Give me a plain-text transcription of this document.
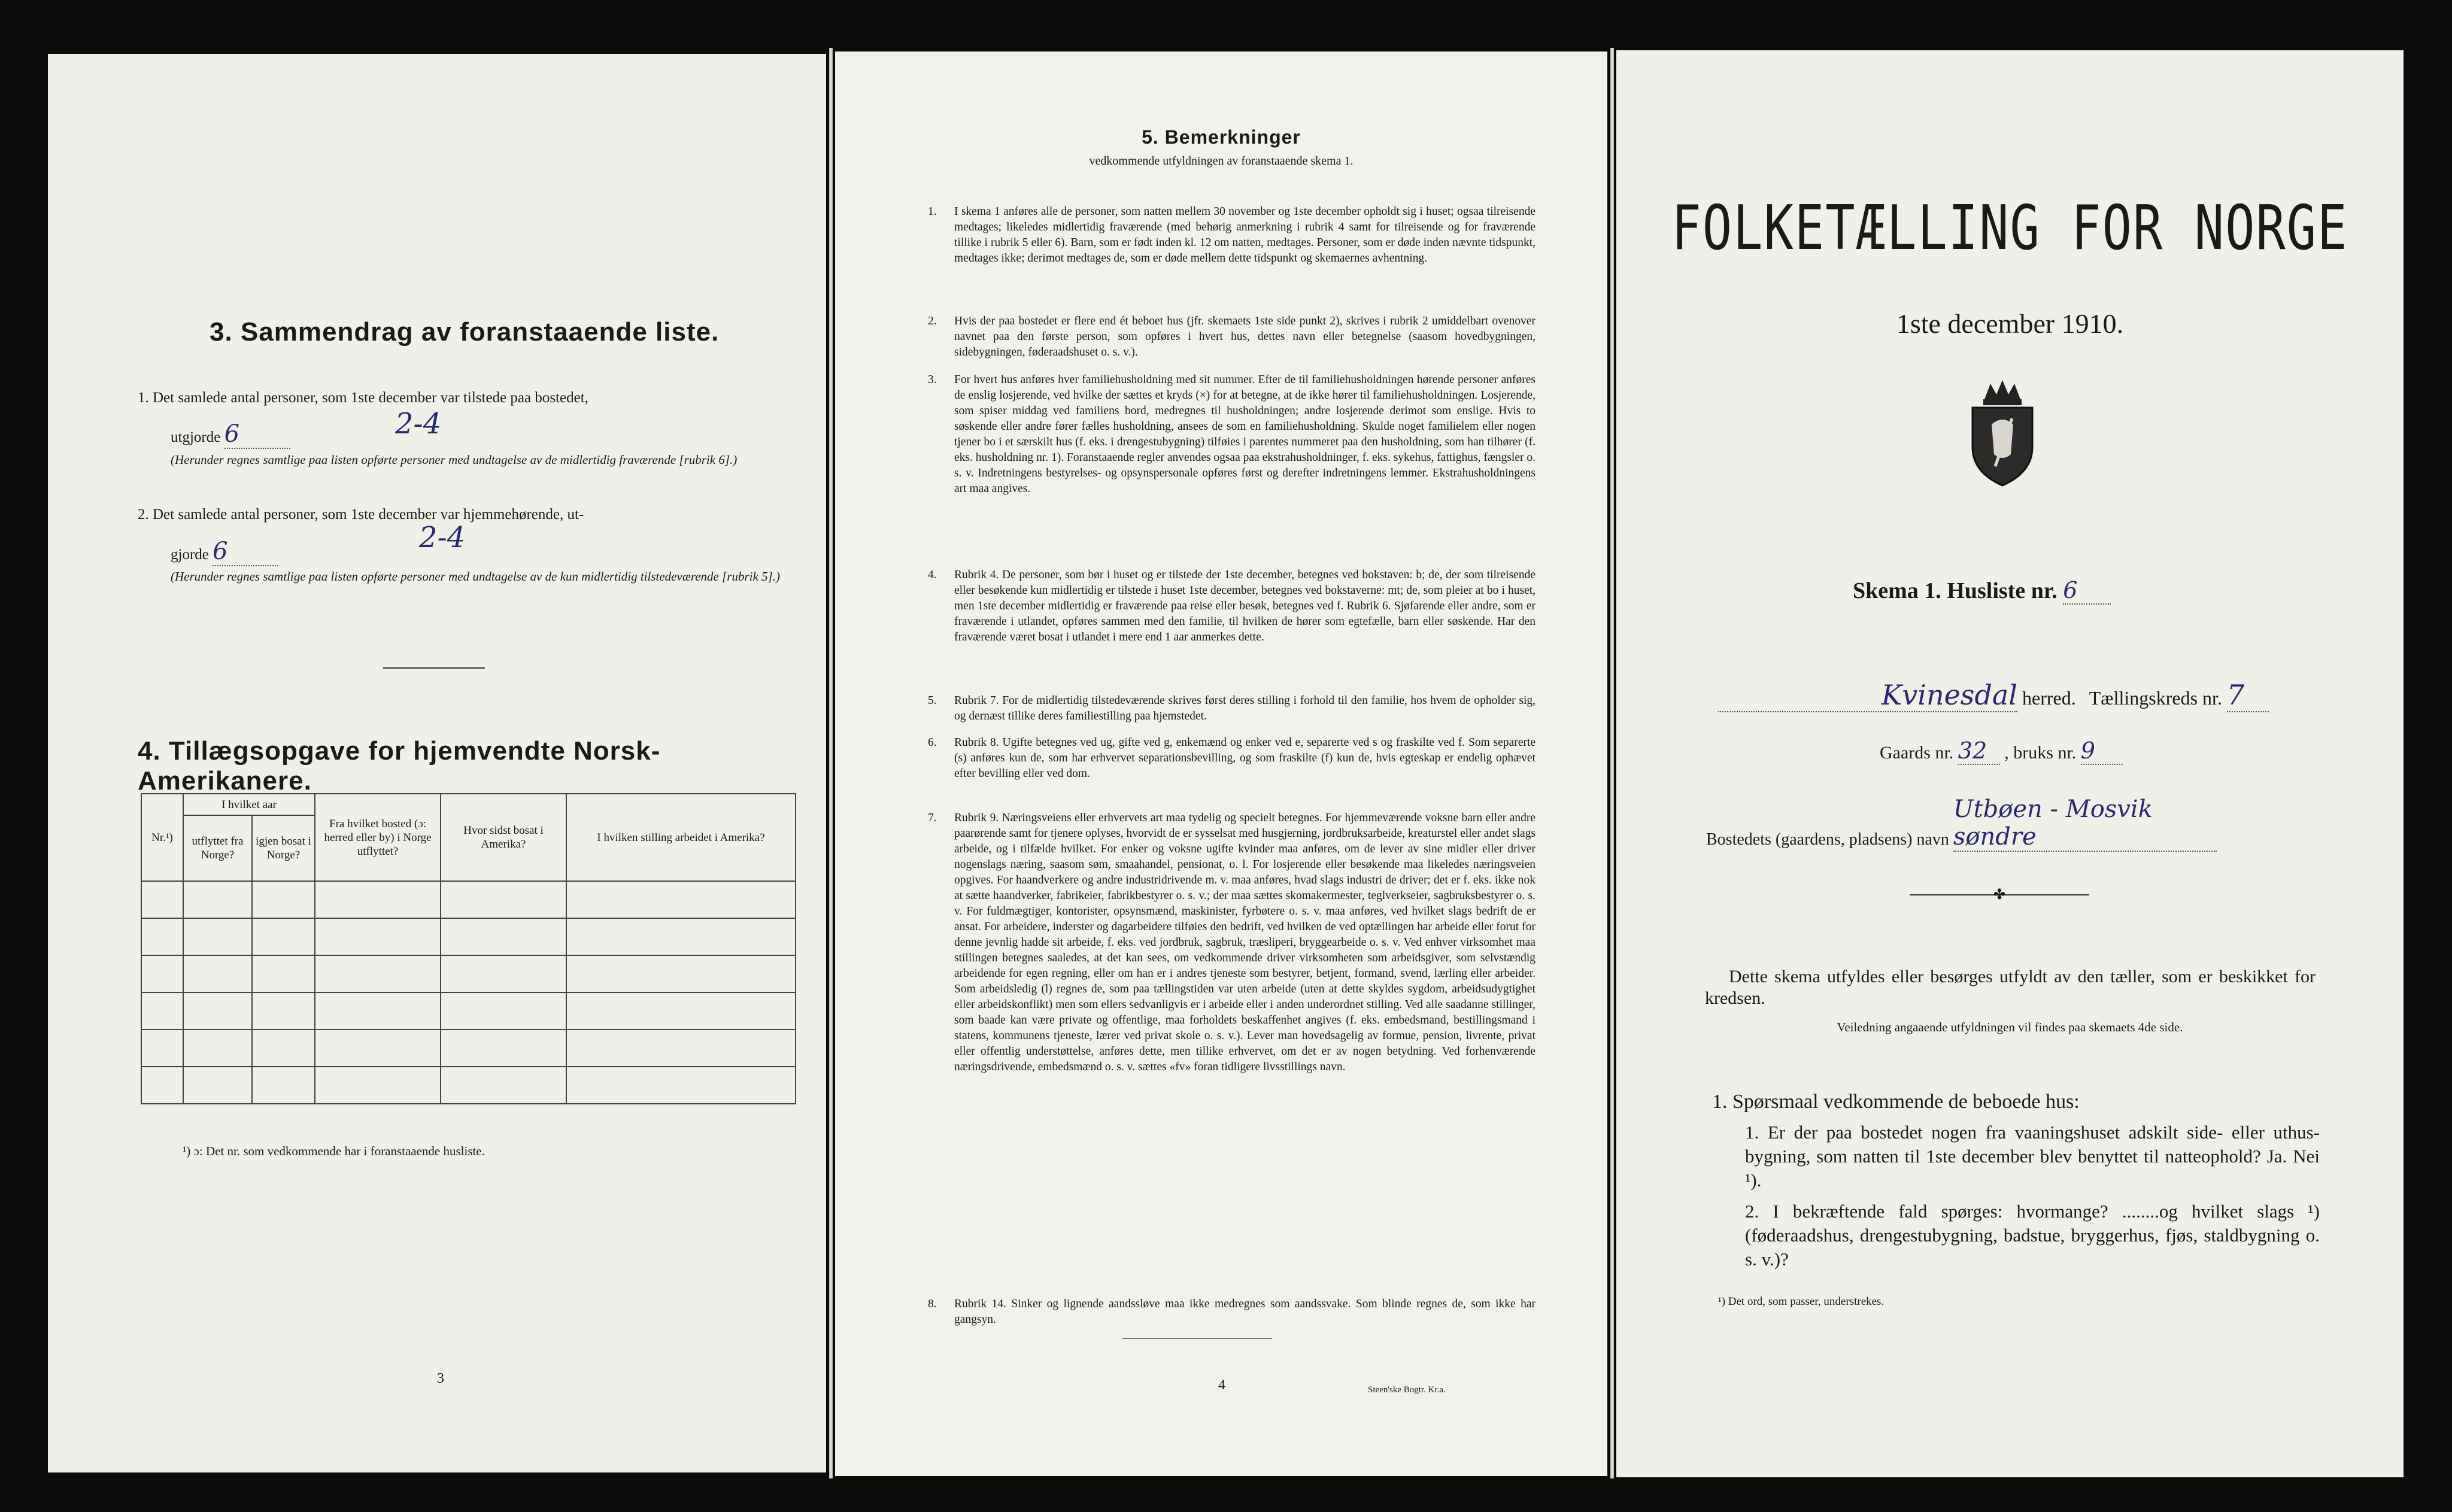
3. Sammendrag av foranstaaende liste.
1. Det samlede antal personer, som 1ste december var tilstede paa bostedet,
utgjorde 6	2-4
(Herunder regnes samtlige paa listen opførte personer med undtagelse av de midlertidig fraværende [rubrik 6].)
2. Det samlede antal personer, som 1ste december var hjemmehørende, ut-
gjorde 6	2-4
(Herunder regnes samtlige paa listen opførte personer med undtagelse av de kun midlertidig tilstedeværende [rubrik 5].)
4. Tillægsopgave for hjemvendte Norsk-Amerikanere.
Nr.¹)	I hvilket aar		Fra hvilket bosted (ɔ: herred eller by) i Norge utflyttet?	Hvor sidst bosat i Amerika?	I hvilken stilling arbeidet i Amerika?
	utflyttet fra Norge?	igjen bosat i Norge?			

¹) ɔ: Det nr. som vedkommende har i foranstaaende husliste.
3
5. Bemerkninger
vedkommende utfyldningen av foranstaaende skema 1.
1. I skema 1 anføres alle de personer, som natten mellem 30 november og 1ste december opholdt sig i huset; ogsaa tilreisende medtages; likeledes midlertidig fraværende (med behørig anmerkning i rubrik 4 samt for tilreisende og for fraværende tillike i rubrik 5 eller 6). Barn, som er født inden kl. 12 om natten, medtages. Personer, som er døde inden nævnte tidspunkt, medtages ikke; derimot medtages de, som er døde mellem dette tidspunkt og skemaernes avhentning.
2. Hvis der paa bostedet er flere end ét beboet hus (jfr. skemaets 1ste side punkt 2), skrives i rubrik 2 umiddelbart ovenover navnet paa den første person, som opføres i hvert hus, dettes navn eller betegnelse (saasom hovedbygningen, sidebygningen, føderaadshuset o. s. v.).
3. For hvert hus anføres hver familiehusholdning med sit nummer. Efter de til familiehusholdningen hørende personer anføres de enslig losjerende, ved hvilke der sættes et kryds (×) for at betegne, at de ikke hører til familiehusholdningen. Losjerende, som spiser middag ved familiens bord, medregnes til husholdningen; andre losjerende derimot som enslige. Hvis to søskende eller andre fører fælles husholdning, ansees de som en familiehusholdning. Skulde noget familielem eller nogen tjener bo i et særskilt hus (f. eks. i drengestubygning) tilføies i parentes nummeret paa den husholdning, som han tilhører (f. eks. husholdning nr. 1). Foranstaaende regler anvendes ogsaa paa ekstrahusholdninger, f. eks. sykehus, fattighus, fængsler o. s. v. Indretningens bestyrelses- og opsynspersonale opføres først og derefter indretningens lemmer. Ekstrahusholdningens art maa angives.
4. Rubrik 4. De personer, som bør i huset og er tilstede der 1ste december, betegnes ved bokstaven: b; de, der som tilreisende eller besøkende kun midlertidig er tilstede i huset 1ste december, betegnes ved bokstaverne: mt; de, som pleier at bo i huset, men 1ste december midlertidig er fraværende paa reise eller besøk, betegnes ved f. Rubrik 6. Sjøfarende eller andre, som er fraværende i utlandet, opføres sammen med den familie, til hvilken de hører som egtefælle, barn eller søskende. Har den fraværende været bosat i utlandet i mere end 1 aar anmerkes dette.
5. Rubrik 7. For de midlertidig tilstedeværende skrives først deres stilling i forhold til den familie, hos hvem de opholder sig, og dernæst tillike deres familiestilling paa hjemstedet.
6. Rubrik 8. Ugifte betegnes ved ug, gifte ved g, enkemænd og enker ved e, separerte ved s og fraskilte ved f. Som separerte (s) anføres kun de, som har erhvervet separationsbevilling, og som fraskilte (f) kun de, hvis egteskap er endelig ophævet efter bevilling eller ved dom.
7. Rubrik 9. Næringsveiens eller erhvervets art maa tydelig og specielt betegnes. For hjemmeværende voksne barn eller andre paarørende samt for tjenere oplyses, hvorvidt de er sysselsat med husgjerning, jordbruksarbeide, kreaturstel eller andet slags arbeide, og i tilfælde hvilket. For enker og voksne ugifte kvinder maa anføres, om de lever av sine midler eller driver nogenslags næring, saasom søm, smaahandel, pensionat, o. l. For losjerende eller besøkende maa likeledes næringsveien opgives. For haandverkere og andre industridrivende m. v. maa anføres, hvad slags industri de driver; det er f. eks. ikke nok at sætte haandverker, fabrikeier, fabrikbestyrer o. s. v.; der maa sættes skomakermester, teglverkseier, sagbruksbestyrer o. s. v. For fuldmægtiger, kontorister, opsynsmænd, maskinister, fyrbøtere o. s. v. maa anføres, ved hvilket slags bedrift de er ansat. For arbeidere, inderster og dagarbeidere tilføies den bedrift, ved hvilken de ved optællingen har arbeide eller forut for denne jevnlig hadde sit arbeide, f. eks. ved jordbruk, sagbruk, træsliperi, bryggearbeide o. s. v. Ved enhver virksomhet maa stillingen betegnes saaledes, at det kan sees, om vedkommende driver virksomheten som arbeidsgiver, som selvstændig arbeidende for egen regning, eller om han er i andres tjeneste som bestyrer, betjent, formand, svend, lærling eller arbeider. Som arbeidsledig (l) regnes de, som paa tællingstiden var uten arbeide (uten at dette skyldes sygdom, arbeidsudygtighet eller arbeidskonflikt) men som ellers sedvanligvis er i arbeide eller i anden underordnet stilling. Ved alle saadanne stillinger, som baade kan være private og offentlige, maa forholdets beskaffenhet angives (f. eks. embedsmand, bestillingsmand i statens, kommunens tjeneste, lærer ved privat skole o. s. v.). Lever man hovedsagelig av formue, pension, livrente, privat eller offentlig understøttelse, anføres dette, men tillike erhvervet, om det er av nogen betydning. Ved forhenværende næringsdrivende, embedsmænd o. s. v. sættes «fv» foran tidligere livsstillings navn.
8. Rubrik 14. Sinker og lignende aandssløve maa ikke medregnes som aandssvake. Som blinde regnes de, som ikke har gangsyn.
4	Steen'ske Bogtr. Kr.a.
FOLKETÆLLING FOR NORGE
1ste december 1910.
Skema 1. Husliste nr. 6
Kvinesdal herred. Tællingskreds nr. 7
Gaards nr. 32 , bruks nr. 9
Bostedets (gaardens, pladsens) navn Utbøen - Mosvik søndre
✤
Dette skema utfyldes eller besørges utfyldt av den tæller, som er beskikket for kredsen.
Veiledning angaaende utfyldningen vil findes paa skemaets 4de side.
1. Spørsmaal vedkommende de beboede hus:
1. Er der paa bostedet nogen fra vaaningshuset adskilt side- eller uthus-bygning, som natten til 1ste december blev benyttet til natteophold? Ja. Nei ¹).
2. I bekræftende fald spørges: hvormange? ........og hvilket slags ¹) (føderaadshus, drengestubygning, badstue, bryggerhus, fjøs, staldbygning o. s. v.)?
¹) Det ord, som passer, understrekes.
